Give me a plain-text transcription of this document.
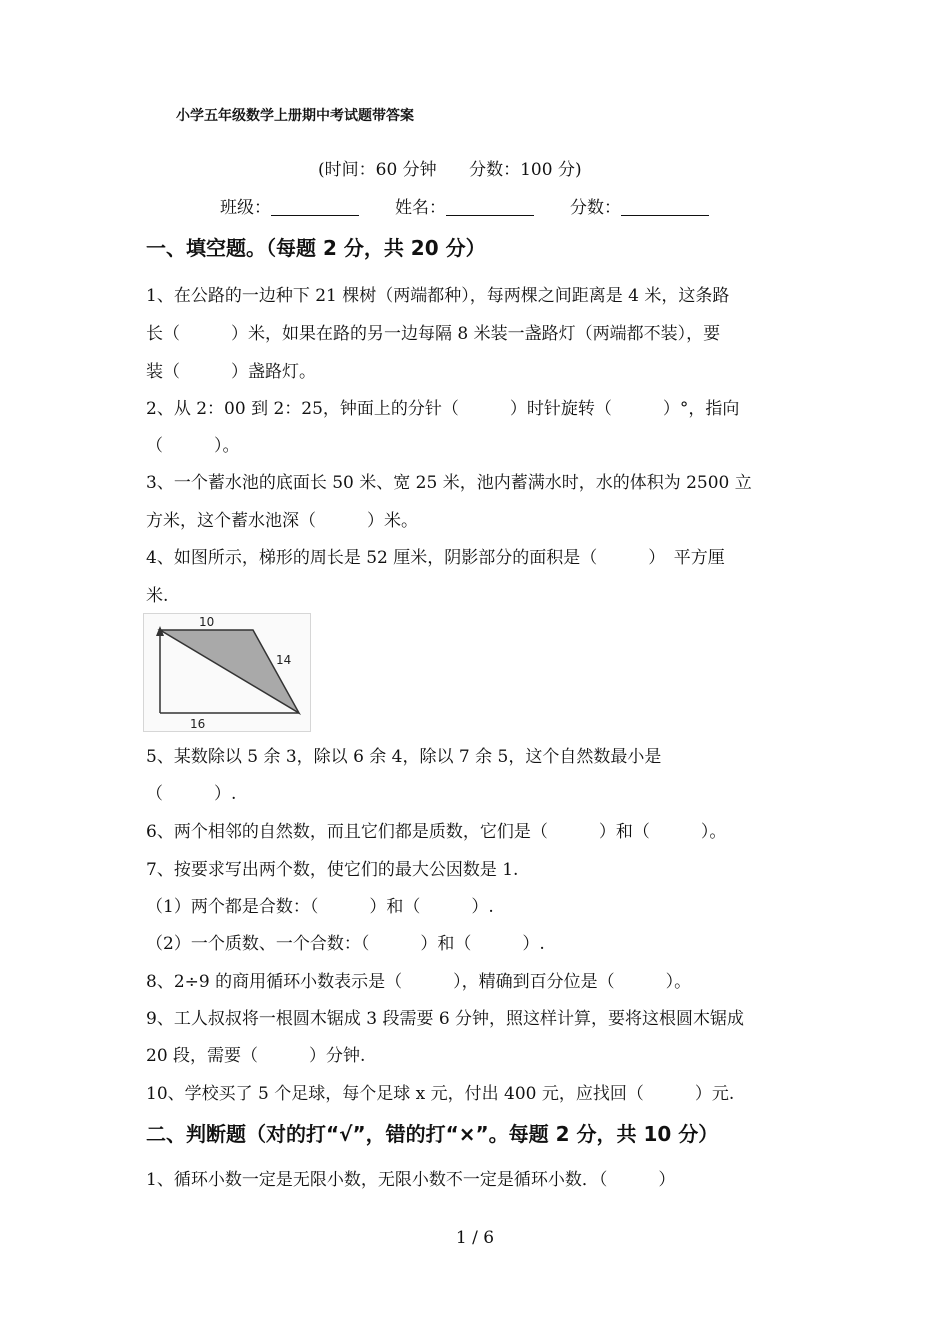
小学五年级数学上册期中考试题带答案
(时间：60 分钟 分数：100 分)
班级：	姓名：	分数：
一、填空题。（每题 2 分，共 20 分）
1、在公路的一边种下 21 棵树（两端都种），每两棵之间距离是 4 米，这条路
长（　　　）米，如果在路的另一边每隔 8 米装一盏路灯（两端都不装），要
装（　　　）盏路灯。
2、从 2：00 到 2：25，钟面上的分针（　　　）时针旋转（　　　）°，指向
（　　　）。
3、一个蓄水池的底面长 50 米、宽 25 米，池内蓄满水时，水的体积为 2500 立
方米，这个蓄水池深（　　　）米。
4、如图所示，梯形的周长是 52 厘米，阴影部分的面积是（　　　）　平方厘
米.
10
14
16
5、某数除以 5 余 3，除以 6 余 4，除以 7 余 5，这个自然数最小是
（　　　）.
6、两个相邻的自然数，而且它们都是质数，它们是（　　　）和（　　　）。
7、按要求写出两个数，使它们的最大公因数是 1.
（1）两个都是合数：（　　　）和（　　　）.
（2）一个质数、一个合数：（　　　）和（　　　）.
8、2÷9 的商用循环小数表示是（　　　），精确到百分位是（　　　）。
9、工人叔叔将一根圆木锯成 3 段需要 6 分钟，照这样计算，要将这根圆木锯成
20 段，需要（　　　）分钟.
10、学校买了 5 个足球，每个足球 x 元，付出 400 元，应找回（　　　）元.
二、判断题（对的打“√”，错的打“×”。每题 2 分，共 10 分）
1、循环小数一定是无限小数，无限小数不一定是循环小数．（　　　）
1 / 6
